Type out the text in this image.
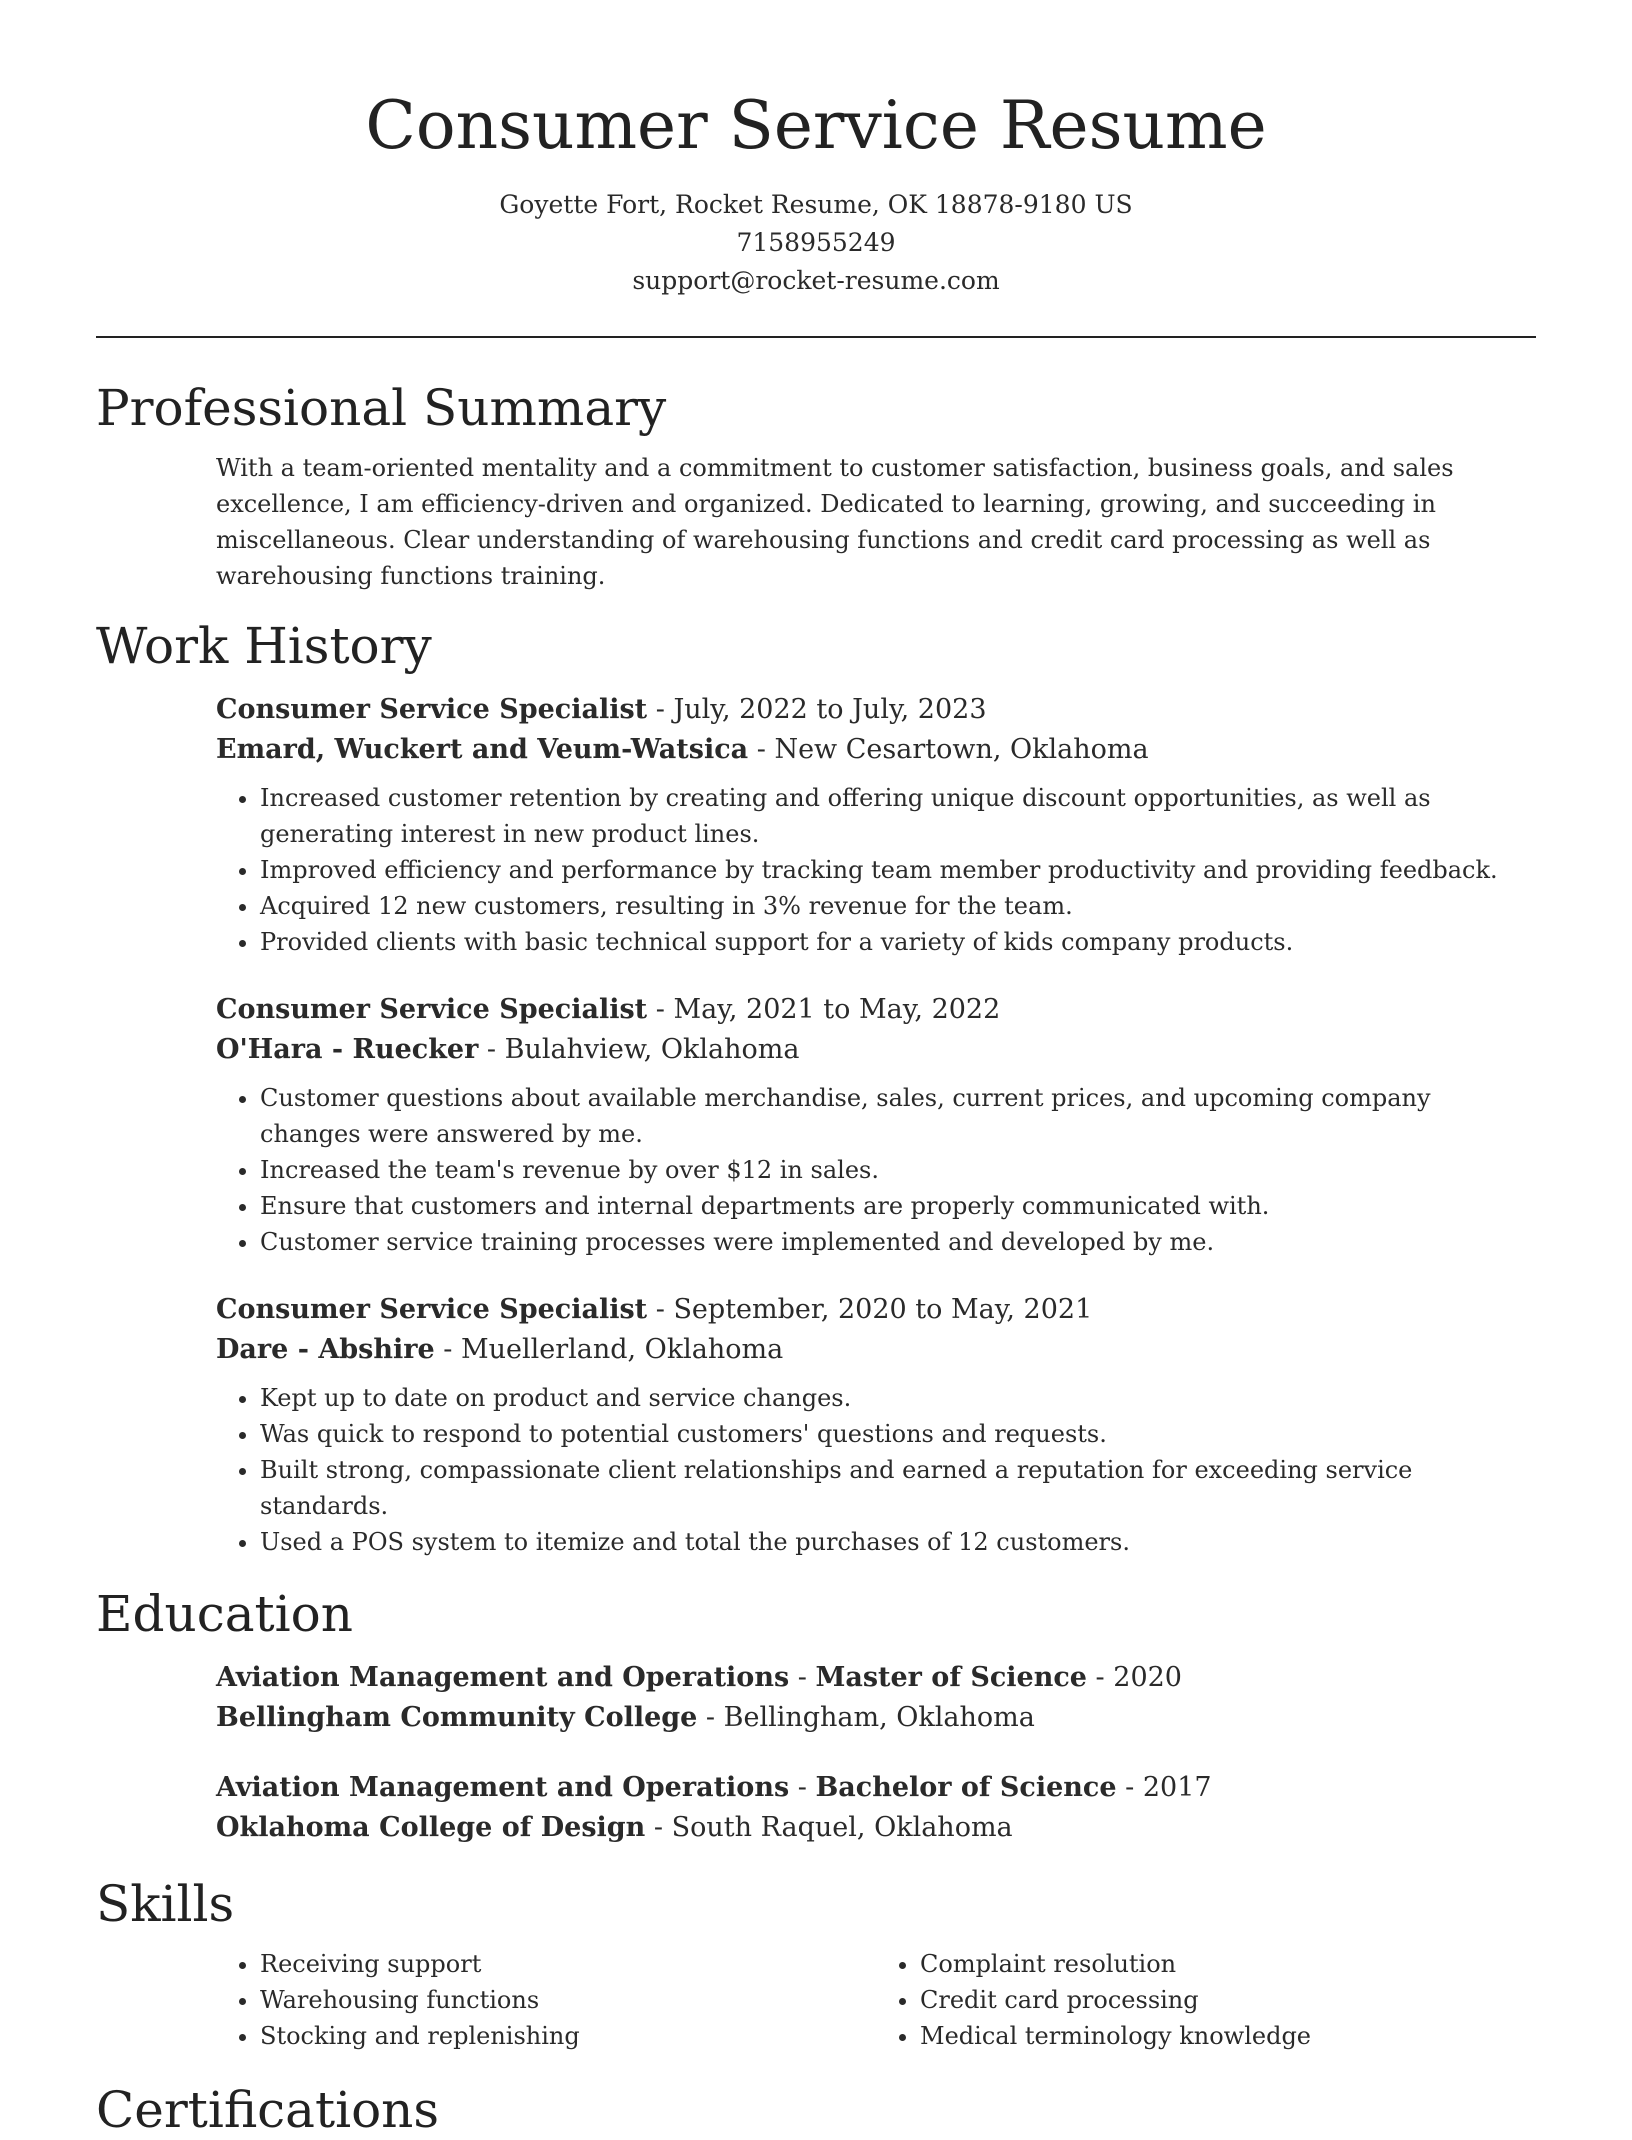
Consumer Service Resume
Goyette Fort, Rocket Resume, OK 18878-9180 US
7158955249
support@rocket-resume.com
Professional Summary

With a team-oriented mentality and a commitment to customer satisfaction, business goals, and sales excellence, I am efficiency-driven and organized. Dedicated to learning, growing, and succeeding in miscellaneous. Clear understanding of warehousing functions and credit card processing as well as warehousing functions training.

Work History
Consumer Service Specialist - July, 2022 to July, 2023
Emard, Wuckert and Veum-Watsica - New Cesartown, Oklahoma
• Increased customer retention by creating and offering unique discount opportunities, as well as generating interest in new product lines.
• Improved efficiency and performance by tracking team member productivity and providing feedback.
• Acquired 12 new customers, resulting in 3% revenue for the team.
• Provided clients with basic technical support for a variety of kids company products.
Consumer Service Specialist - May, 2021 to May, 2022
O'Hara - Ruecker - Bulahview, Oklahoma
• Customer questions about available merchandise, sales, current prices, and upcoming company changes were answered by me.
• Increased the team's revenue by over $12 in sales.
• Ensure that customers and internal departments are properly communicated with.
• Customer service training processes were implemented and developed by me.
Consumer Service Specialist - September, 2020 to May, 2021
Dare - Abshire - Muellerland, Oklahoma
• Kept up to date on product and service changes.
• Was quick to respond to potential customers' questions and requests.
• Built strong, compassionate client relationships and earned a reputation for exceeding service standards.
• Used a POS system to itemize and total the purchases of 12 customers.
Education
Aviation Management and Operations - Master of Science - 2020
Bellingham Community College - Bellingham, Oklahoma
Aviation Management and Operations - Bachelor of Science - 2017
Oklahoma College of Design - South Raquel, Oklahoma
Skills
• Receiving support
• Warehousing functions
• Stocking and replenishing
• Complaint resolution
• Credit card processing
• Medical terminology knowledge
Certifications
